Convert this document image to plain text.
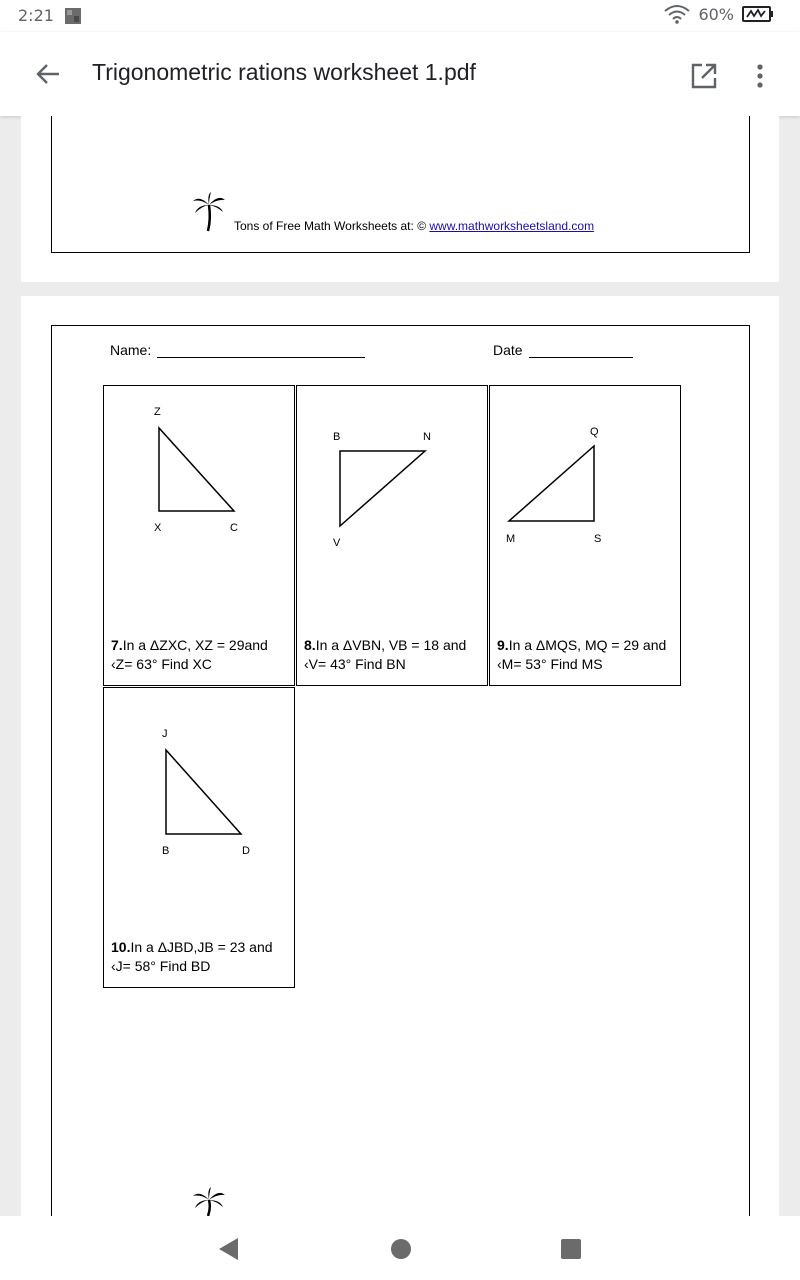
2:21	60%
Trigonometric rations worksheet 1.pdf
Tons of Free Math Worksheets at: © www.mathworksheetsland.com
Name:	Date
Z
X	C
7.In a ΔZXC, XZ = 29and ‹Z= 63° Find XC
B	N
V
8.In a ΔVBN, VB = 18 and ‹V= 43° Find BN
Q
M	S
9.In a ΔMQS, MQ = 29 and ‹M= 53° Find MS
J
B	D
10.In a ΔJBD,JB = 23 and ‹J= 58° Find BD
